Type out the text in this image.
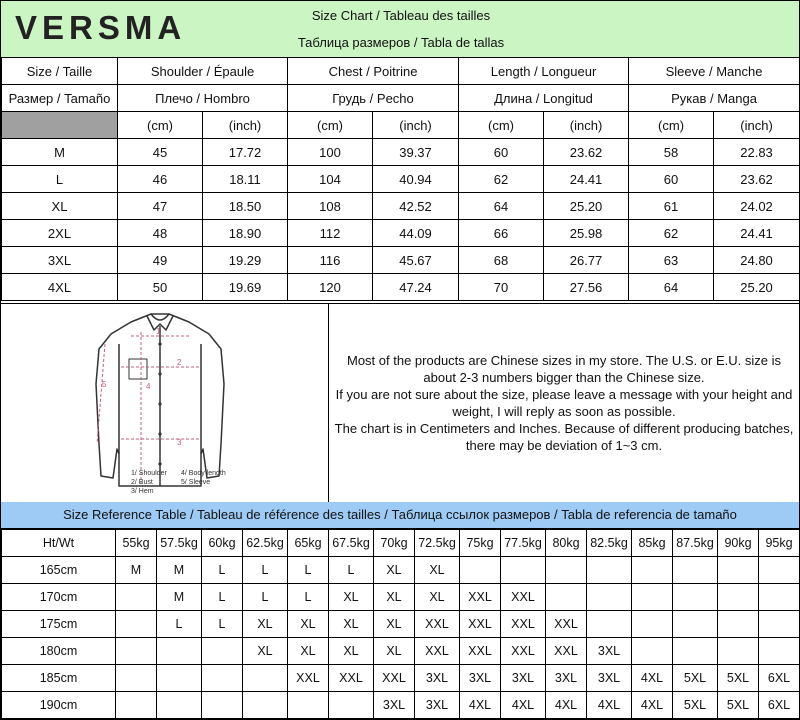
VERSMA	Size Chart / Tableau des tailles
Таблица размеров / Tabla de tallas
Size / Taille	Shoulder / Épaule		Chest / Poitrine		Length / Longueur		Sleeve / Manche	
Размер / Tamaño	Плечо / Hombro		Грудь / Pecho		Длина / Longitud		Рукав / Manga	
	(cm)	(inch)	(cm)	(inch)	(cm)	(inch)	(cm)	(inch)
M	45	17.72	100	39.37	60	23.62	58	22.83
L	46	18.11	104	40.94	62	24.41	60	23.62
XL	47	18.50	108	42.52	64	25.20	61	24.02
2XL	48	18.90	112	44.09	66	25.98	62	24.41
3XL	49	19.29	116	45.67	68	26.77	63	24.80
4XL	50	19.69	120	47.24	70	27.56	64	25.20
1
2
3
4
5
1/ Shoulder 4/ Body length
2/ Bust	5/ Sleeve
3/ Hem
Most of the products are Chinese sizes in my store. The U.S. or E.U. size is
about 2-3 numbers bigger than the Chinese size.
If you are not sure about the size, please leave a message with your height and
weight, I will reply as soon as possible.
The chart is in Centimeters and Inches. Because of different producing batches,
there may be deviation of 1~3 cm.
Size Reference Table / Tableau de référence des tailles / Таблица ссылок размеров / Tabla de referencia de tamaño
Ht/Wt	55kg	57.5kg	60kg	62.5kg	65kg	67.5kg	70kg	72.5kg	75kg	77.5kg	80kg	82.5kg	85kg	87.5kg	90kg	95kg
165cm	M	M	L	L	L	L	XL	XL								
170cm		M	L	L	L	XL	XL	XL	XXL	XXL						
175cm		L	L	XL	XL	XL	XL	XXL	XXL	XXL	XXL					
180cm				XL	XL	XL	XL	XXL	XXL	XXL	XXL	3XL				
185cm					XXL	XXL	XXL	3XL	3XL	3XL	3XL	3XL	4XL	5XL	5XL	6XL
190cm							3XL	3XL	4XL	4XL	4XL	4XL	4XL	5XL	5XL	6XL
